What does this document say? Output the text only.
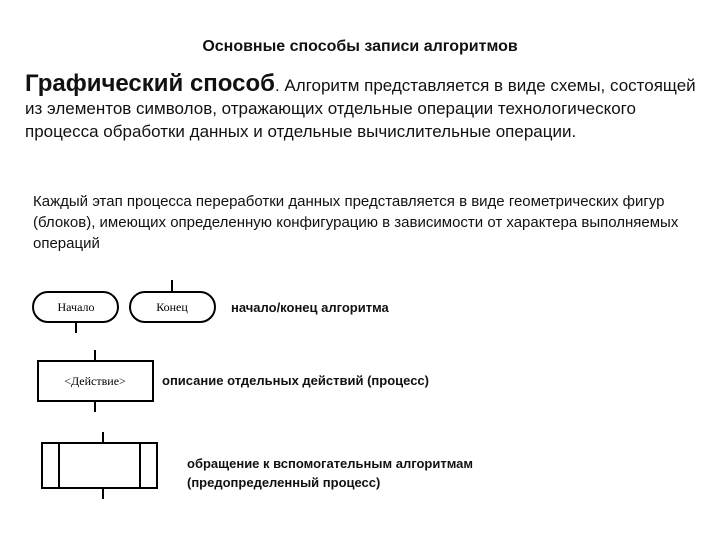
Основные способы записи алгоритмов
Графический способ. Алгоритм представляется в виде схемы, состоящей из элементов символов, отражающих отдельные операции технологического процесса обработки данных и отдельные вычислительные операции.
Каждый этап процесса переработки данных представляется в виде геометрических фигур (блоков), имеющих определенную конфигурацию в зависимости от характера выполняемых операций
Начало	Конец
<Действие>
начало/конец алгоритма
описание отдельных действий (процесс)
обращение к вспомогательным алгоритмам
(предопределенный процесс)
